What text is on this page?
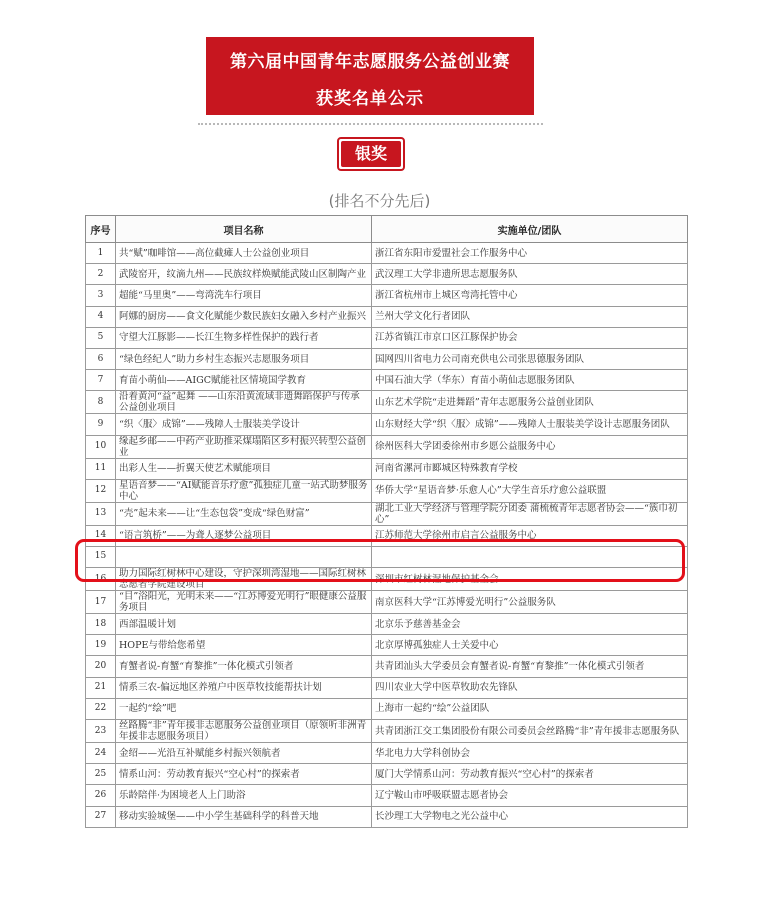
第六届中国青年志愿服务公益创业赛
获奖名单公示
银奖
(排名不分先后)
序号	项目名称	实施单位/团队
1	共“赋”咖啡馆——高位截瘫人士公益创业项目	浙江省东阳市爱盟社会工作服务中心
2	武陵窑开，纹滴九州——民族纹样焕赋能武陵山区制陶产业	武汉理工大学非遗所思志愿服务队
3	超能“马里奥”——弯湾洗车行项目	浙江省杭州市上城区弯湾托管中心
4	阿娜的厨房——食文化赋能少数民族妇女融入乡村产业振兴	兰州大学文化行者团队
5	守望大江豚影——长江生物多样性保护的践行者	江苏省镇江市京口区江豚保护协会
6	“绿色经纪人”助力乡村生态振兴志愿服务项目	国网四川省电力公司南充供电公司张思德服务团队
7	育苗小萌仙——AIGC赋能社区情境国学教育	中国石油大学（华东）育苗小萌仙志愿服务团队
8	沿着黄河“益”起舞 ——山东沿黄流域非遗舞蹈保护与传承公益创业项目	山东艺术学院“走进舞蹈”青年志愿服务公益创业团队
9	“织〈服〉成锦”——残障人士服装美学设计	山东财经大学“织〈服〉成锦”——残障人士服装美学设计志愿服务团队
10	缘起乡邮——中药产业助推采煤塌陷区乡村振兴转型公益创业	徐州医科大学团委徐州市乡愿公益服务中心
11	出彩人生——折翼天使艺术赋能项目	河南省漯河市郾城区特殊教育学校
12	星语音梦——“AI赋能音乐疗愈”孤独症儿童一站式助梦服务中心	华侨大学“星语音梦·乐愈人心”大学生音乐疗愈公益联盟
13	“壳”起未来——让“生态包袋”变成“绿色财富”	湖北工业大学经济与管理学院分团委 蒲梳梳青年志愿者协会——“簇巾初心”
14	“语言筑桥”——为聋人逐梦公益项目	江苏师范大学徐州市启言公益服务中心
15		
16	助力国际红树林中心建设，守护深圳湾湿地——国际红树林志愿者学院建设项目	深圳市红树林湿地保护基金会
17	“目”浴阳光，光明未来——“江苏博爱光明行”眼健康公益服务项目	南京医科大学“江苏博爱光明行”公益服务队
18	西部温暖计划	北京乐予慈善基金会
19	HOPE与带给您希望	北京厚博孤独症人士关爱中心
20	育蟹者说-育蟹“育黎推”一体化模式引领者	共青团汕头大学委员会育蟹者说-育蟹“育黎推”一体化模式引领者
21	情系三农-偏远地区养殖户中医草牧技能帮扶计划	四川农业大学中医草牧助农先锋队
22	一起约“绘”吧	上海市一起约“绘”公益团队
23	丝路腾“非”青年援非志愿服务公益创业项目（原领听非洲青年援非志愿服务项目）	共青团浙江交工集团股份有限公司委员会丝路腾“非”青年援非志愿服务队
24	金绍——光沿互补赋能乡村振兴领航者	华北电力大学科创协会
25	情系山河：劳动教育振兴“空心村”的探索者	厦门大学情系山河：劳动教育振兴“空心村”的探索者
26	乐龄陪伴·为困境老人上门助浴	辽宁鞍山市呼吸联盟志愿者协会
27	移动实验城堡——中小学生基础科学的科普天地	长沙理工大学物电之光公益中心
